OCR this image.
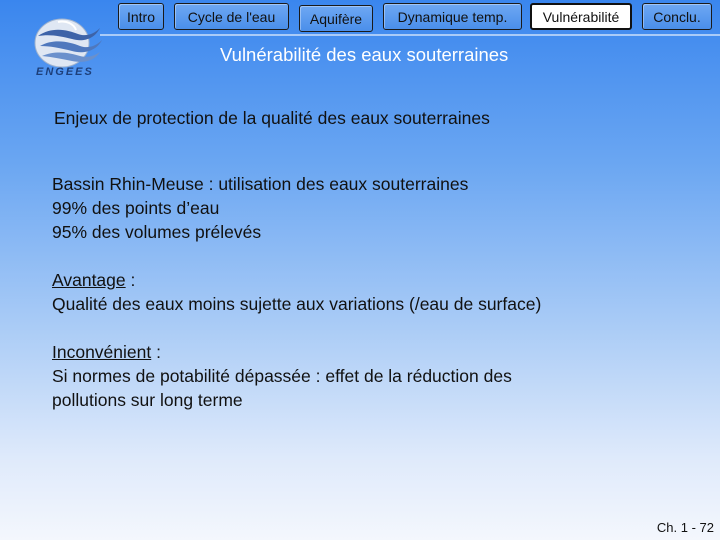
ENGEES
Intro	Cycle de l'eau	Aquifère	Dynamique temp.	Vulnérabilité	Conclu.
Vulnérabilité des eaux souterraines
Enjeux de protection de la qualité des eaux souterraines
Bassin Rhin-Meuse : utilisation des eaux souterraines
99% des points d’eau
95% des volumes prélevés
Avantage :
Qualité des eaux moins sujette aux variations (/eau de surface)
Inconvénient :
Si normes de potabilité dépassée : effet de la réduction des
pollutions sur long terme
Ch. 1 - 72
